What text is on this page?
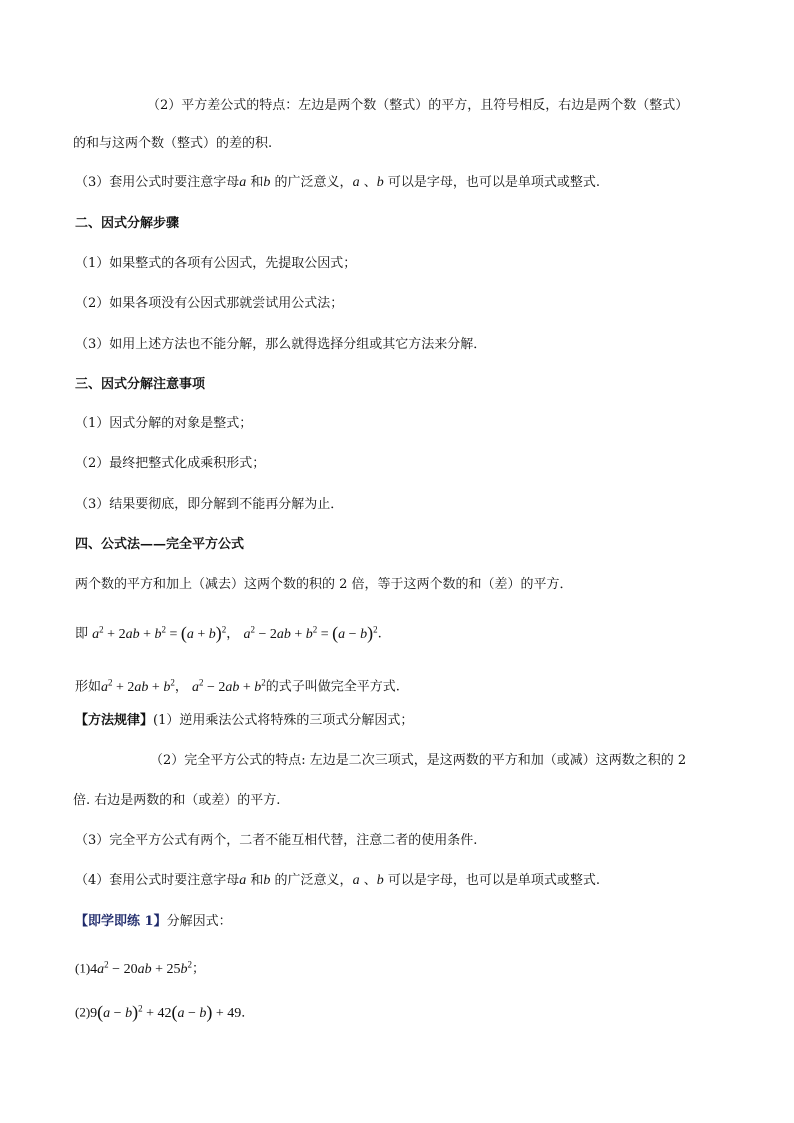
（2）平方差公式的特点：左边是两个数（整式）的平方，且符号相反，右边是两个数（整式）
的和与这两个数（整式）的差的积.
（3）套用公式时要注意字母a 和b 的广泛意义，a 、b 可以是字母，也可以是单项式或整式.
二、因式分解步骤
（1）如果整式的各项有公因式，先提取公因式；
（2）如果各项没有公因式那就尝试用公式法；
（3）如用上述方法也不能分解，那么就得选择分组或其它方法来分解．
三、因式分解注意事项
（1）因式分解的对象是整式；
（2）最终把整式化成乘积形式；
（3）结果要彻底，即分解到不能再分解为止．
四、公式法——完全平方公式
两个数的平方和加上（减去）这两个数的积的 2 倍，等于这两个数的和（差）的平方．
即 $a^2 + 2ab + b^2 = (a + b)^2$， $a^2 - 2ab + b^2 = (a - b)^2$.
形如$a^2 + 2ab + b^2$， $a^2 - 2ab + b^2$的式子叫做完全平方式.
【方法规律】(1）逆用乘法公式将特殊的三项式分解因式；
（2）完全平方公式的特点: 左边是二次三项式，是这两数的平方和加（或减）这两数之积的 2
倍. 右边是两数的和（或差）的平方.
（3）完全平方公式有两个，二者不能互相代替，注意二者的使用条件.
（4）套用公式时要注意字母a 和b 的广泛意义，a 、b 可以是字母，也可以是单项式或整式.
【即学即练 1】分解因式：
$(1)4a^2 - 20ab + 25b^2$；
$(2)9(a - b)^2 + 42(a - b) + 49$．
